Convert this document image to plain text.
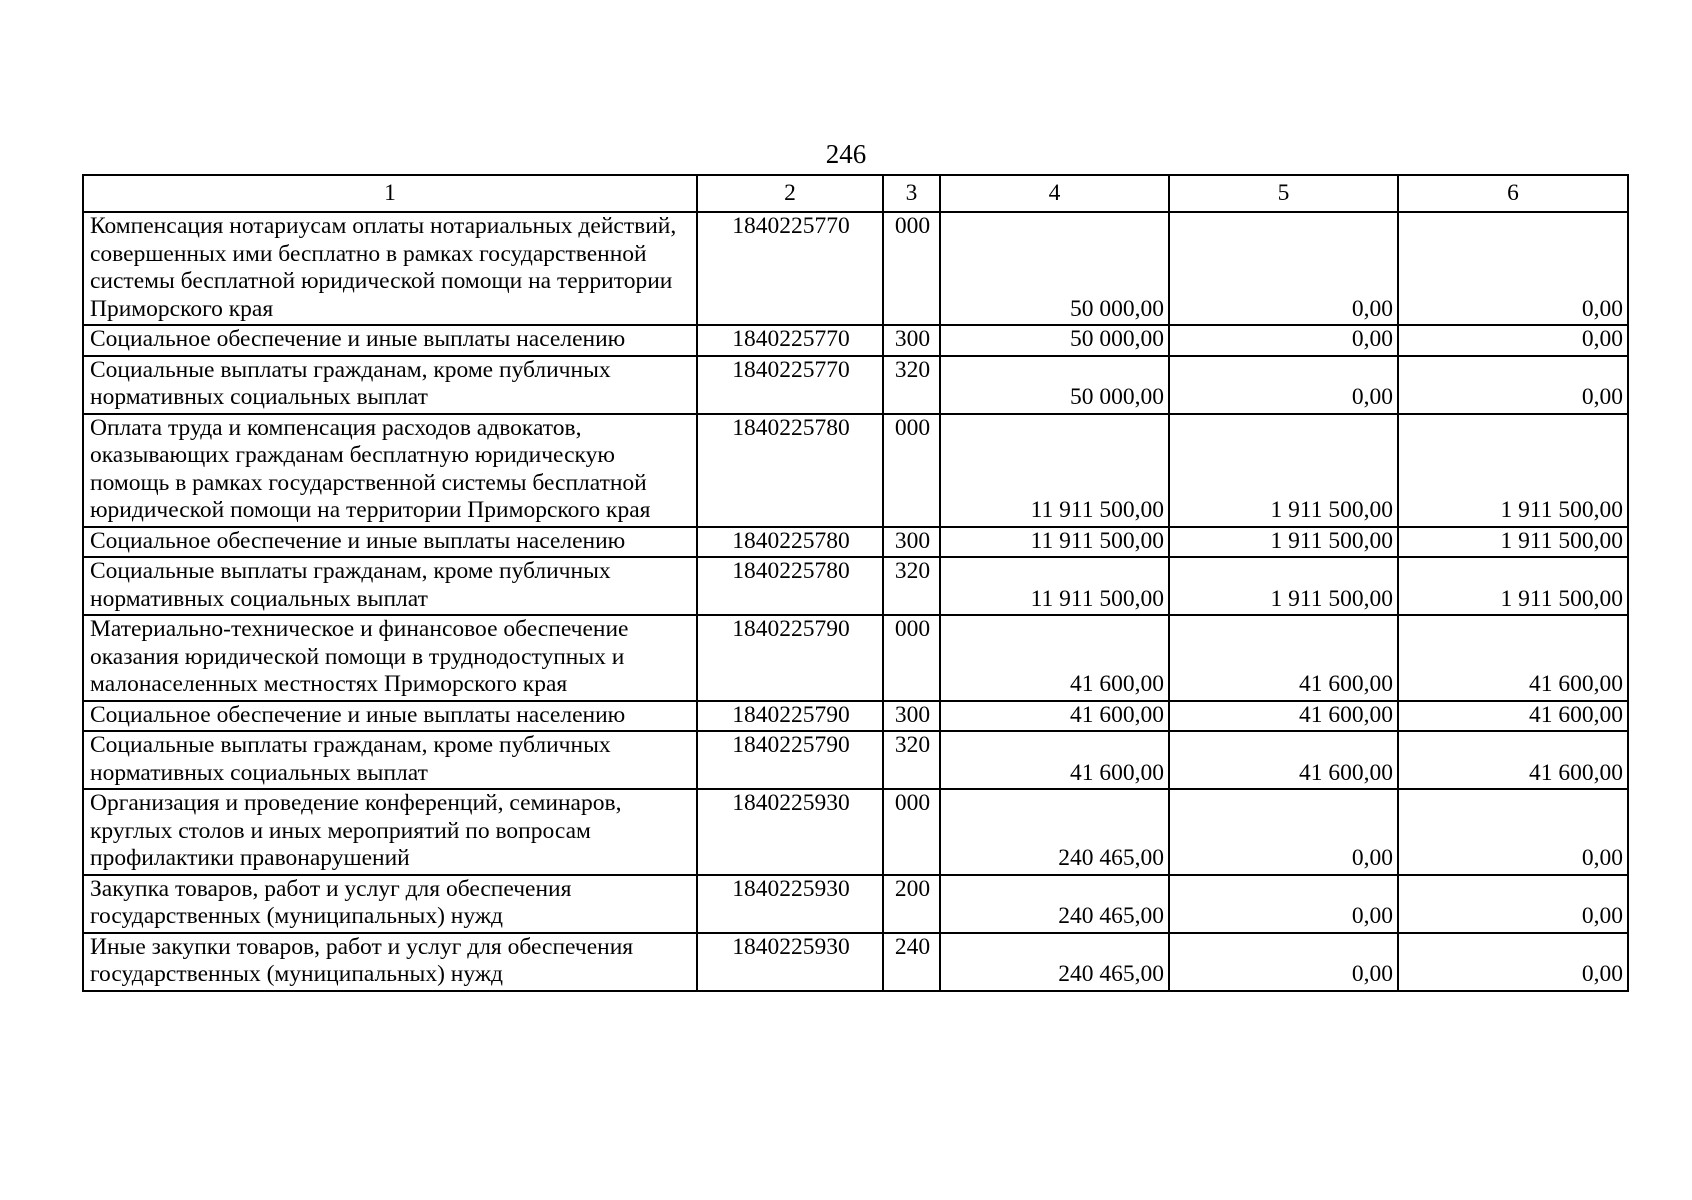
246
1	2	3	4	5	6
Компенсация нотариусам оплаты нотариальных действий, совершенных ими бесплатно в рамках государственной системы бесплатной юридической помощи на территории Приморского края	1840225770	000	50 000,00	0,00	0,00
Социальное обеспечение и иные выплаты населению	1840225770	300	50 000,00	0,00	0,00
Социальные выплаты гражданам, кроме публичных нормативных социальных выплат	1840225770	320	50 000,00	0,00	0,00
Оплата труда и компенсация расходов адвокатов, оказывающих гражданам бесплатную юридическую помощь в рамках государственной системы бесплатной юридической помощи на территории Приморского края	1840225780	000	11 911 500,00	1 911 500,00	1 911 500,00
Социальное обеспечение и иные выплаты населению	1840225780	300	11 911 500,00	1 911 500,00	1 911 500,00
Социальные выплаты гражданам, кроме публичных нормативных социальных выплат	1840225780	320	11 911 500,00	1 911 500,00	1 911 500,00
Материально-техническое и финансовое обеспечение оказания юридической помощи в труднодоступных и малонаселенных местностях Приморского края	1840225790	000	41 600,00	41 600,00	41 600,00
Социальное обеспечение и иные выплаты населению	1840225790	300	41 600,00	41 600,00	41 600,00
Социальные выплаты гражданам, кроме публичных нормативных социальных выплат	1840225790	320	41 600,00	41 600,00	41 600,00
Организация и проведение конференций, семинаров, круглых столов и иных мероприятий по вопросам профилактики правонарушений	1840225930	000	240 465,00	0,00	0,00
Закупка товаров, работ и услуг для обеспечения государственных (муниципальных) нужд	1840225930	200	240 465,00	0,00	0,00
Иные закупки товаров, работ и услуг для обеспечения государственных (муниципальных) нужд	1840225930	240	240 465,00	0,00	0,00
